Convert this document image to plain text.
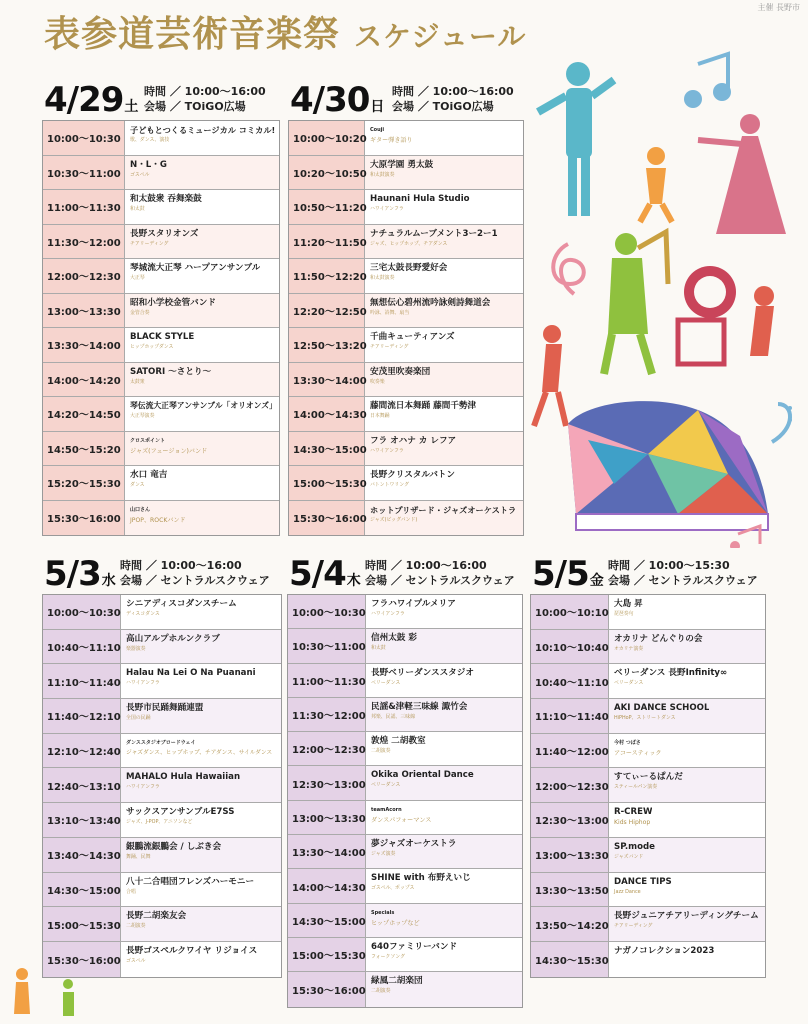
主催 長野市
表参道芸術音楽祭 スケジュール
4/29土
時間 ／ 10:00〜16:00
会場 ／ TOiGO広場
10:00〜10:30
子どもとつくるミュージカル コミカル!
歌、ダンス、演技
10:30〜11:00
N・L・G
ゴスペル
11:00〜11:30
和太鼓衆 吞舞楽鼓
和太鼓
11:30〜12:00
長野スタリオンズ
チアリーディング
12:00〜12:30
琴城流大正琴 ハープアンサンブル
大正琴
13:00〜13:30
昭和小学校金管バンド
金管合奏
13:30〜14:00
BLACK STYLE
ヒップホップダンス
14:00〜14:20
SATORI 〜さとり〜
太鼓衆
14:20〜14:50
琴伝流大正琴アンサンブル「オリオンズ」
大正琴演奏
14:50〜15:20
クロスポイント
ジャズ(フュージョン)バンド
15:20〜15:30
水口 竜吉
ダンス
15:30〜16:00
山口さん
JPOP、ROCKバンド
4/30日
時間 ／ 10:00〜16:00
会場 ／ TOiGO広場
10:00〜10:20
Couji
ギター弾き語り
10:20〜10:50
大原学園 勇太鼓
和太鼓演奏
10:50〜11:20
Haunani Hula Studio
ハワイアンフラ
11:20〜11:50
ナチュラルムーブメント3ー2ー1
ジャズ、ヒップホップ、チアダンス
11:50〜12:20
三宅太鼓長野愛好会
和太鼓演奏
12:20〜12:50
無想伝心碧州流吟詠剣詩舞道会
吟詠、詩舞、扇当
12:50〜13:20
千曲キューティアンズ
チアリーディング
13:30〜14:00
安茂里吹奏楽団
吹奏楽
14:00〜14:30
藤間流日本舞踊 藤間千勢津
日本舞踊
14:30〜15:00
フラ オハナ カ レフア
ハワイアンフラ
15:00〜15:30
長野クリスタルバトン
バトントワリング
15:30〜16:00
ホットプリザード・ジャズオーケストラ
ジャズ(ビッグバンド)
5/3水
時間 ／ 10:00〜16:00
会場 ／ セントラルスクウェア
10:00〜10:30
シニアディスコダンスチーム
ディスコダンス
10:40〜11:10
高山アルプホルンクラブ
楽器演奏
11:10〜11:40
Halau Na Lei O Na Puanani
ハワイアンフラ
11:40〜12:10
長野市民踊舞踊連盟
全国の民踊
12:10〜12:40
ダンススタジオブロードウェイ
ジャズダンス、ヒップホップ、チアダンス、サイルダンス
12:40〜13:10
MAHALO Hula Hawaiian
ハワイアンフラ
13:10〜13:40
サックスアンサンブルE7SS
ジャズ、J-POP、アニソンなど
13:40〜14:30
銀鵬流銀鵬会 / しぶき会
舞踊、民舞
14:30〜15:00
八十二合唱団フレンズハーモニー
合唱
15:00〜15:30
長野二胡楽友会
二胡演奏
15:30〜16:00
長野ゴスペルクワイヤ リジョイス
ゴスペル
5/4木
時間 ／ 10:00〜16:00
会場 ／ セントラルスクウェア
10:00〜10:30
フラハワイプルメリア
ハワイアンフラ
10:30〜11:00
信州太鼓 彩
和太鼓
11:00〜11:30
長野ベリーダンススタジオ
ベリーダンス
11:30〜12:00
民謡&津軽三味線 諏竹会
邦楽、民謡、三味線
12:00〜12:30
敦煌 二胡教室
二胡演奏
12:30〜13:00
Okika Oriental Dance
ベリーダンス
13:00〜13:30
teamAcorn
ダンスパフォーマンス
13:30〜14:00
夢ジャズオーケストラ
ジャズ演奏
14:00〜14:30
SHINE with 布野えいじ
ゴスペル、ポップス
14:30〜15:00
Specials
ヒップホップなど
15:00〜15:30
640ファミリーバンド
フォークソング
15:30〜16:00
緑風二胡楽団
二胡演奏
5/5金
時間 ／ 10:00〜15:30
会場 ／ セントラルスクウェア
10:00〜10:10
大島 昇
琵琶奏句
10:10〜10:40
オカリナ どんぐりの会
オカリナ演奏
10:40〜11:10
ベリーダンス 長野Infinity∞
ベリーダンス
11:10〜11:40
AKI DANCE SCHOOL
HiPHoP、ストリートダンス
11:40〜12:00
今村 つばさ
アコースティック
12:00〜12:30
すてぃーるぱんだ
スティールパン演奏
12:30〜13:00
R-CREW
Kids Hiphop
13:00〜13:30
SP.mode
ジャズバンド
13:30〜13:50
DANCE TIPS
Jazz Dance
13:50〜14:20
長野ジュニアチアリーディングチーム
チアリーディング
14:30〜15:30
ナガノコレクション2023
